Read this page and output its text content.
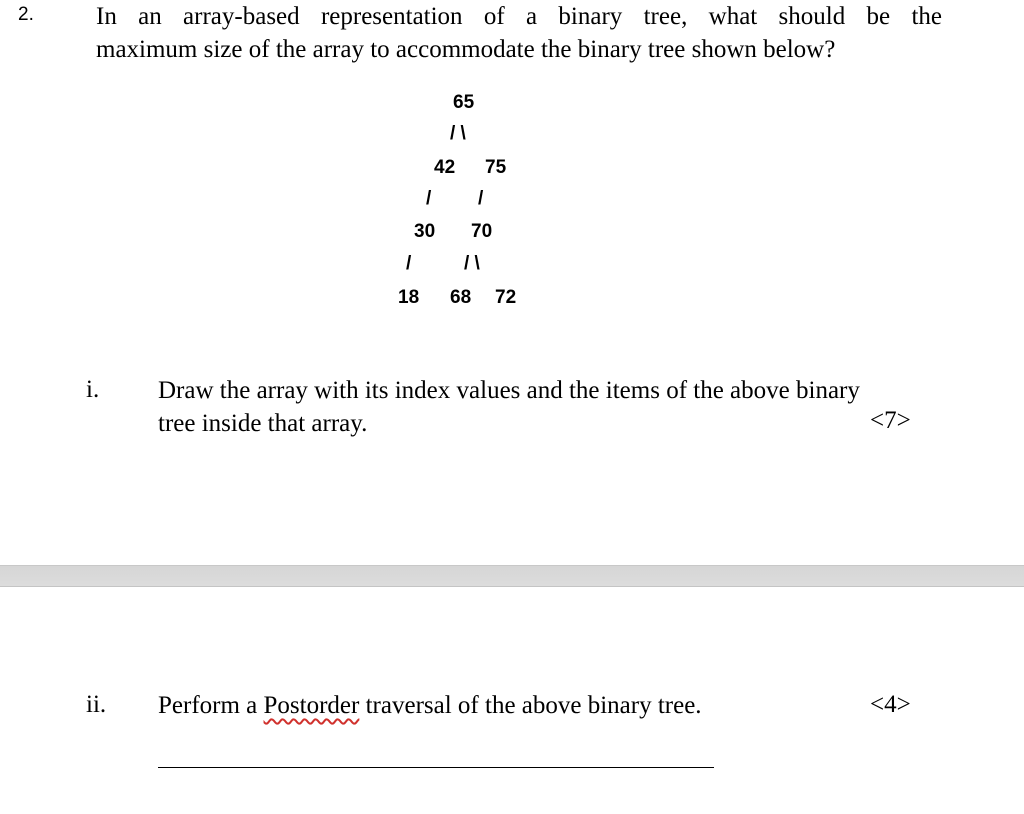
2. In an array-based representation of a binary tree, what should be the
maximum size of the array to accommodate the binary tree shown below?

65

/ \

42

75

/

/

30

70

/

	/ \

18

68

72

i. Draw the array with its index values and the items of the above binary
tree inside that array.	<7>
ii. Perform a Postorder traversal of the above binary tree.	<4>
